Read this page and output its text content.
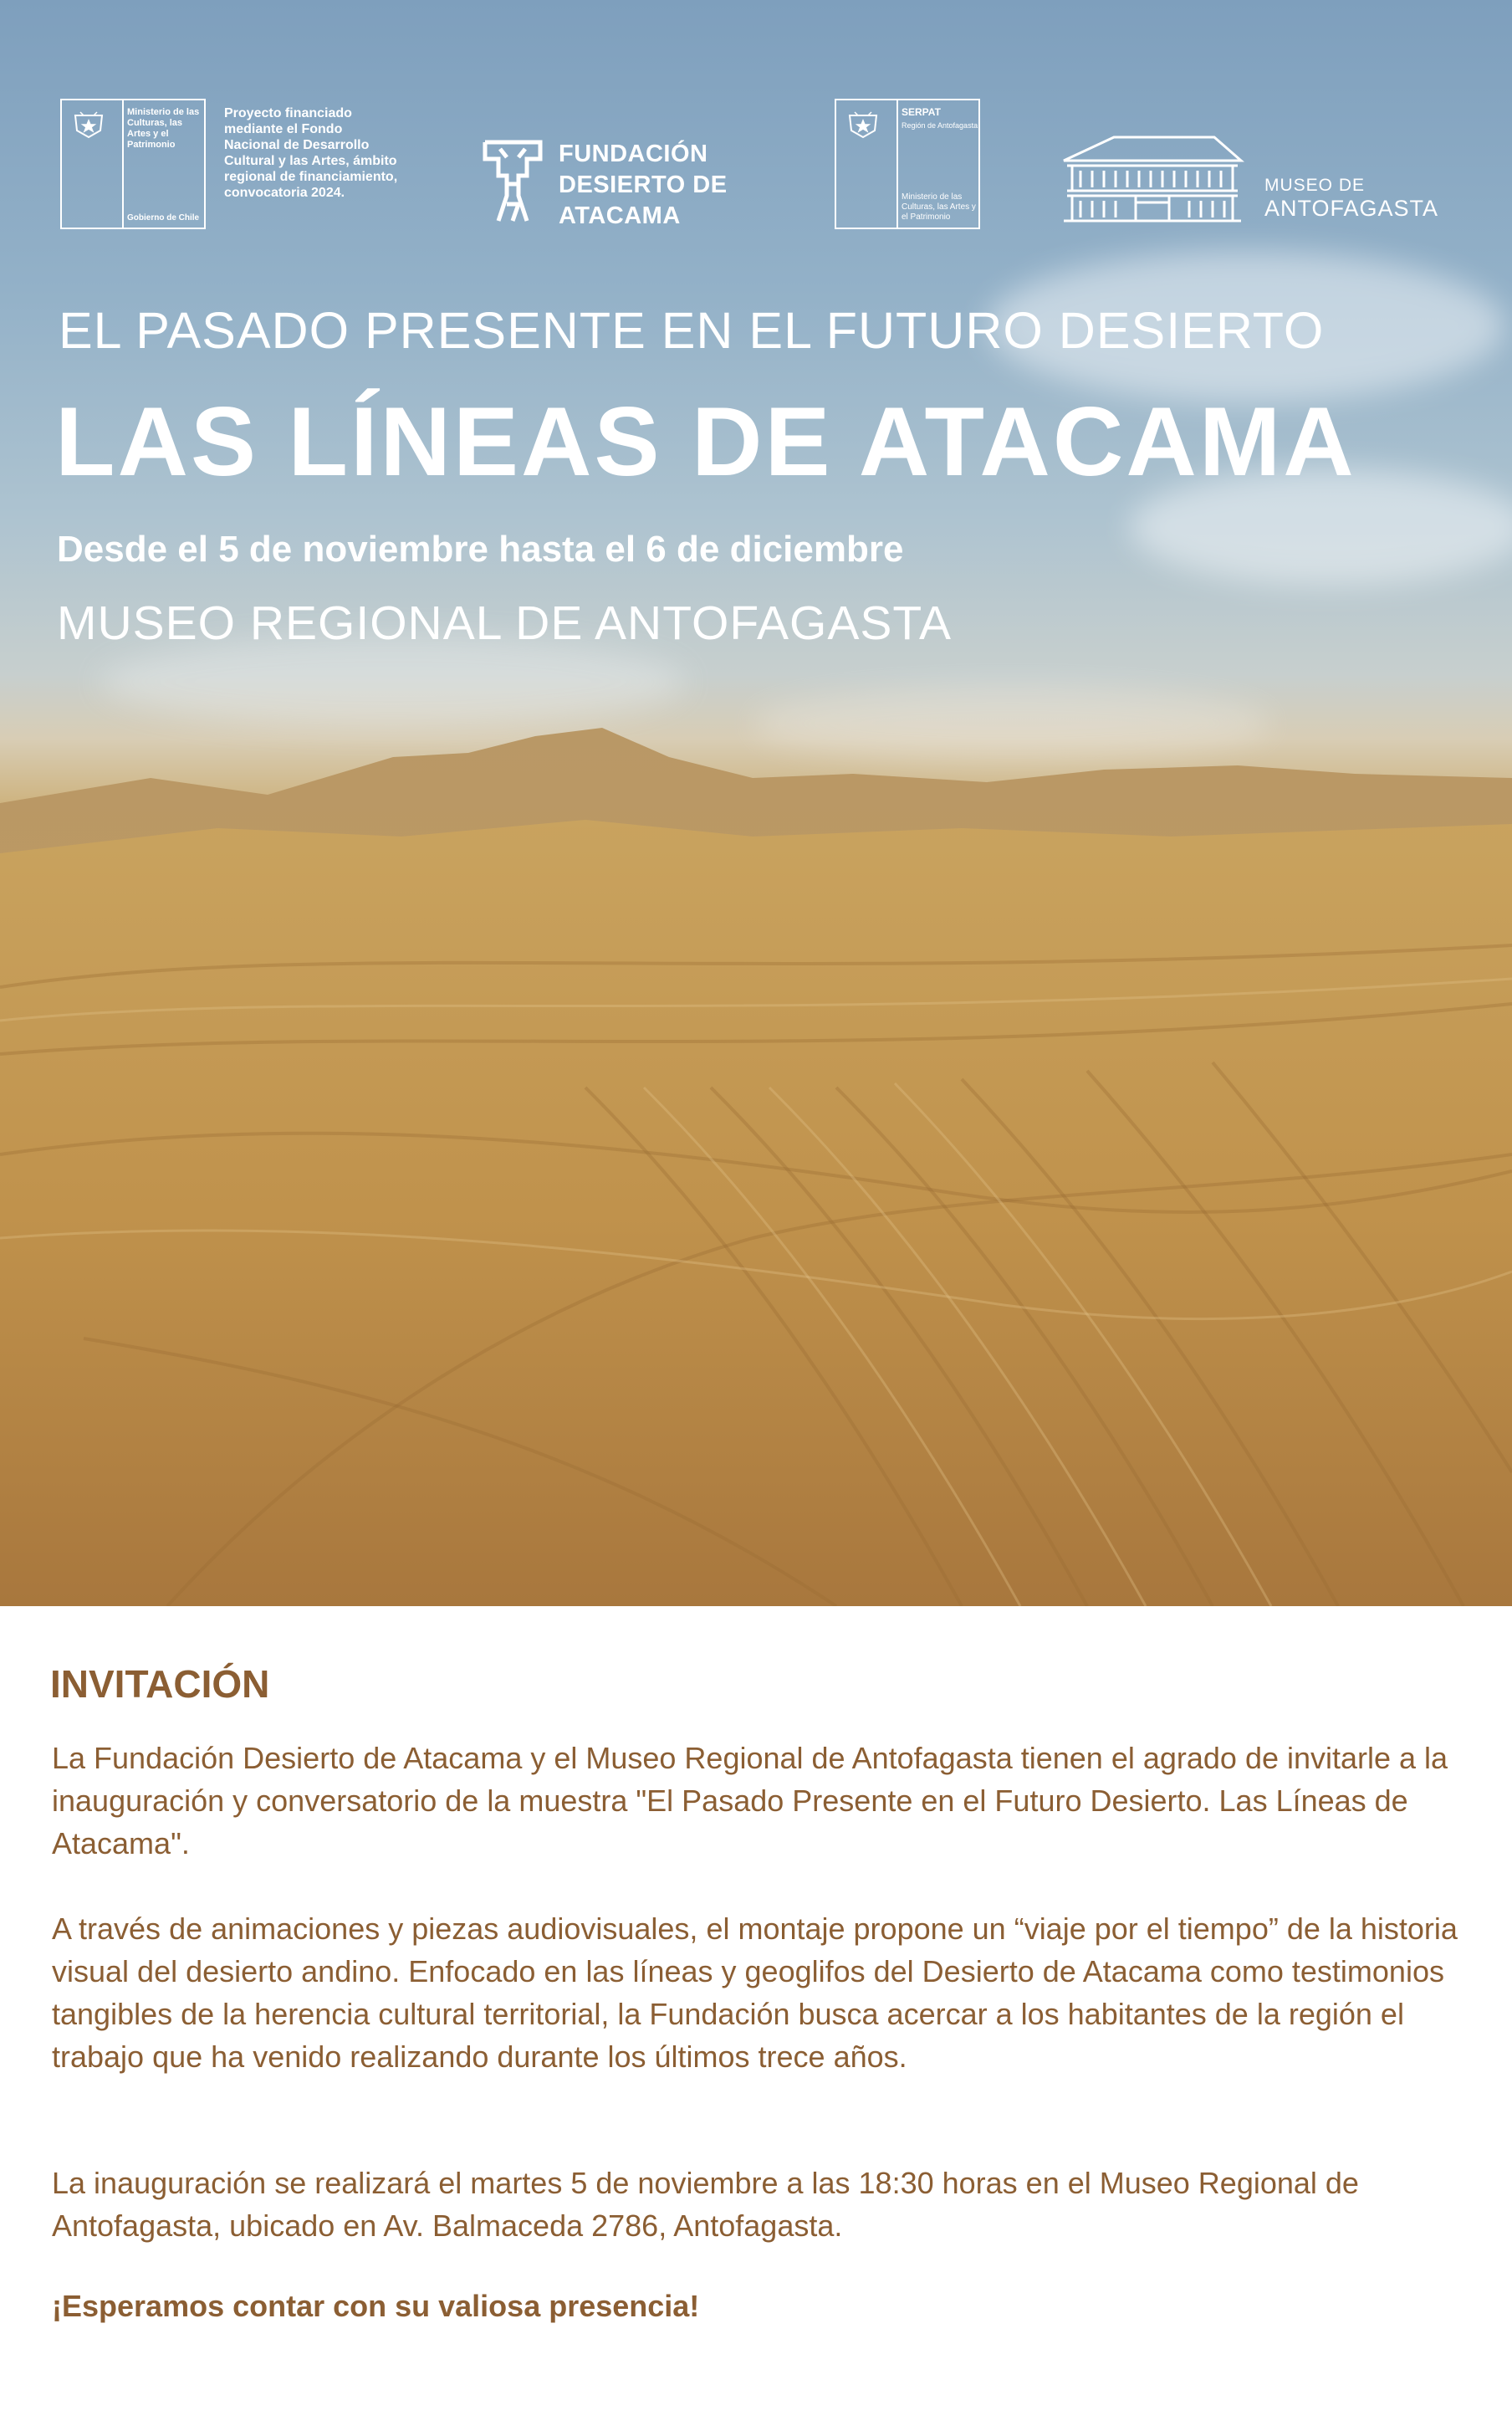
Ministerio de las Culturas, las Artes y el Patrimonio
Gobierno de Chile
Proyecto financiado mediante el Fondo Nacional de Desarrollo Cultural y las Artes, ámbito regional de financiamiento, convocatoria 2024.
FUNDACIÓN
DESIERTO DE
ATACAMA
SERPAT
Región de Antofagasta
Ministerio de las Culturas, las Artes y el Patrimonio
MUSEO DE
ANTOFAGASTA
EL PASADO PRESENTE EN EL FUTURO DESIERTO
LAS LÍNEAS DE ATACAMA
Desde el 5 de noviembre hasta el 6 de diciembre
MUSEO REGIONAL DE ANTOFAGASTA
INVITACIÓN
La Fundación Desierto de Atacama y el Museo Regional de Antofagasta tienen el agrado de invitarle a la inauguración y conversatorio de la muestra "El Pasado Presente en el Futuro Desierto. Las Líneas de Atacama".
A través de animaciones y piezas audiovisuales, el montaje propone un “viaje por el tiempo” de la historia visual del desierto andino. Enfocado en las líneas y geoglifos del Desierto de Atacama como testimonios tangibles de la herencia cultural territorial, la Fundación busca acercar a los habitantes de la región el trabajo que ha venido realizando durante los últimos trece años.
La inauguración se realizará el martes 5 de noviembre a las 18:30 horas en el Museo Regional de Antofagasta, ubicado en Av. Balmaceda 2786, Antofagasta.
¡Esperamos contar con su valiosa presencia!
